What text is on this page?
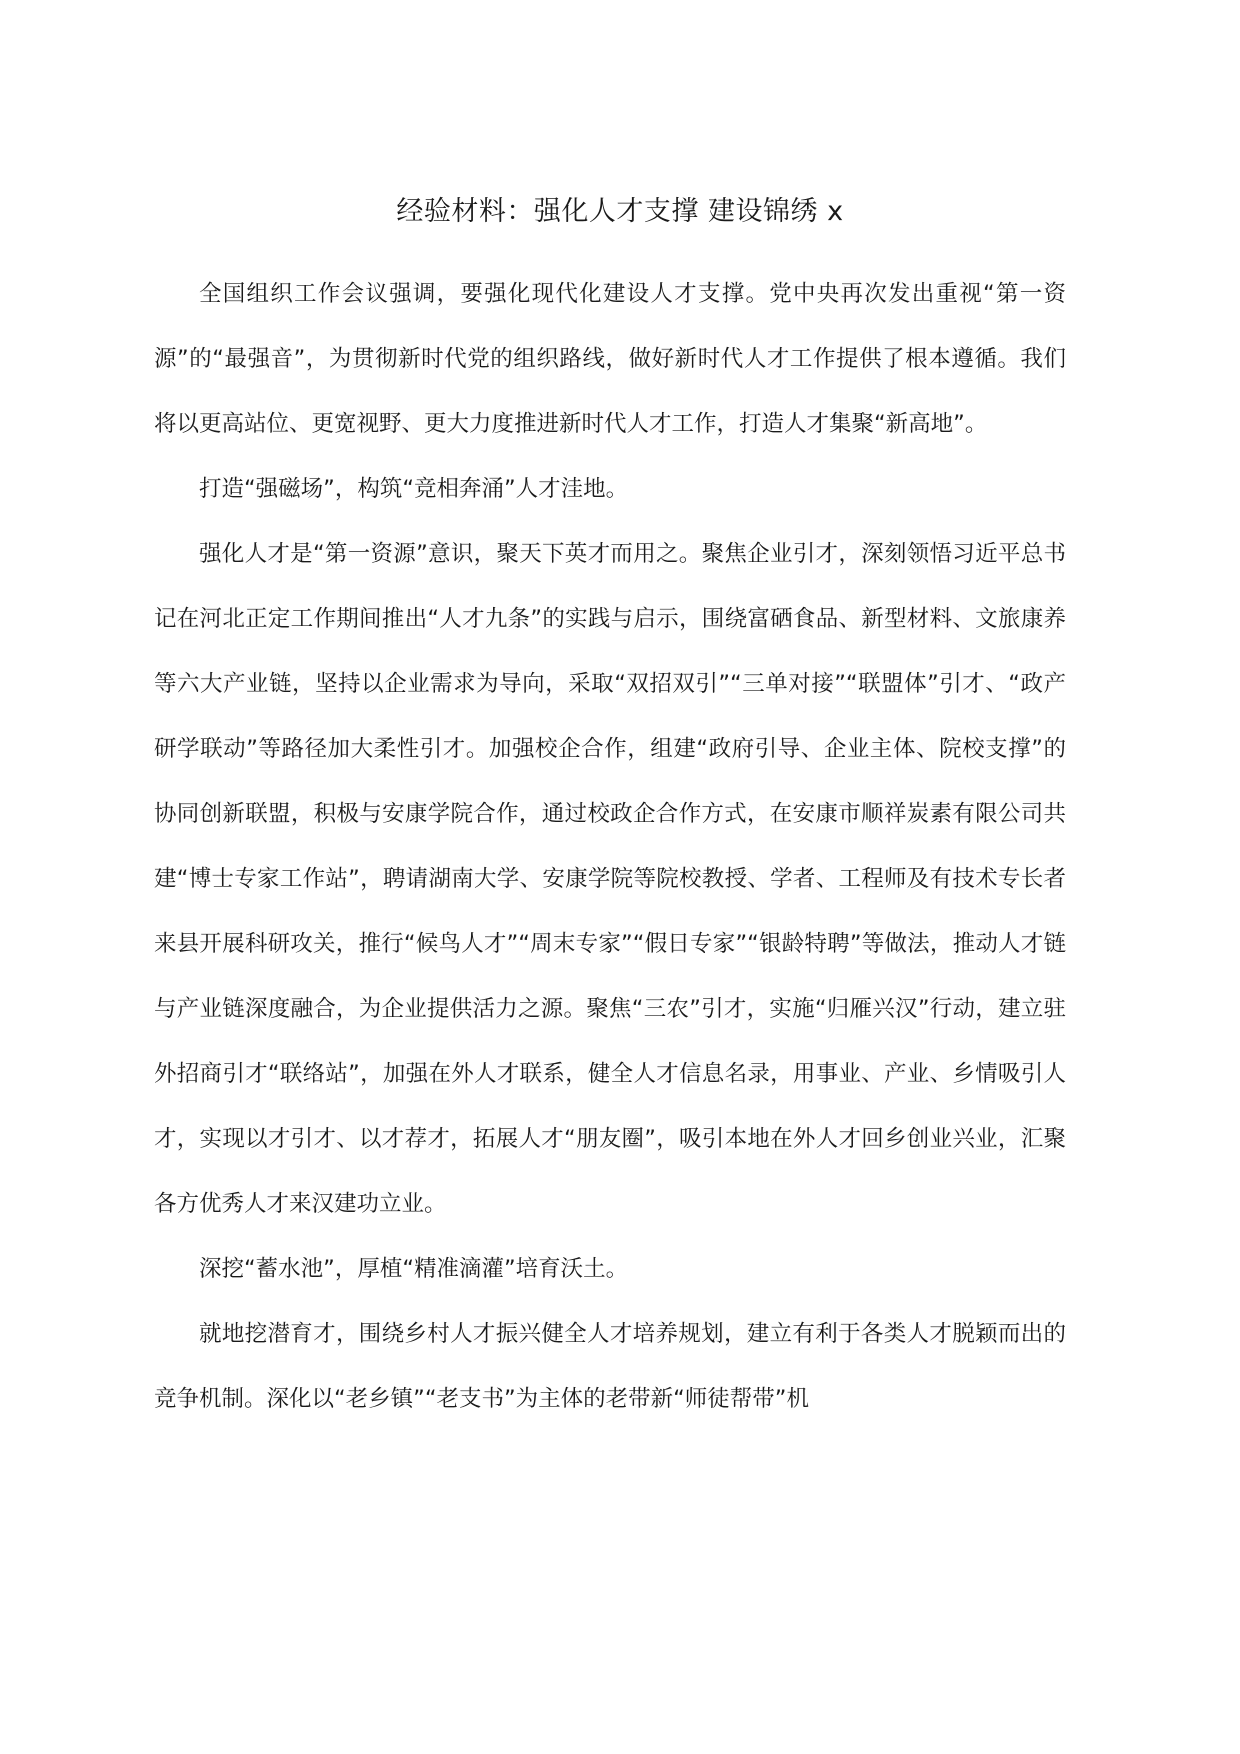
经验材料：强化人才支撑 建设锦绣 x

全国组织工作会议强调，要强化现代化建设人才支撑。党中央再次发出重视“第一资源”的“最强音”，为贯彻新时代党的组织路线，做好新时代人才工作提供了根本遵循。我们将以更高站位、更宽视野、更大力度推进新时代人才工作，打造人才集聚“新高地”。

打造“强磁场”，构筑“竞相奔涌”人才洼地。

强化人才是“第一资源”意识，聚天下英才而用之。聚焦企业引才，深刻领悟习近平总书记在河北正定工作期间推出“人才九条”的实践与启示，围绕富硒食品、新型材料、文旅康养等六大产业链，坚持以企业需求为导向，采取“双招双引”“三单对接”“联盟体”引才、“政产研学联动”等路径加大柔性引才。加强校企合作，组建“政府引导、企业主体、院校支撑”的协同创新联盟，积极与安康学院合作，通过校政企合作方式，在安康市顺祥炭素有限公司共建“博士专家工作站”，聘请湖南大学、安康学院等院校教授、学者、工程师及有技术专长者来县开展科研攻关，推行“候鸟人才”“周末专家”“假日专家”“银龄特聘”等做法，推动人才链与产业链深度融合，为企业提供活力之源。聚焦“三农”引才，实施“归雁兴汉”行动，建立驻外招商引才“联络站”，加强在外人才联系，健全人才信息名录，用事业、产业、乡情吸引人才，实现以才引才、以才荐才，拓展人才“朋友圈”，吸引本地在外人才回乡创业兴业，汇聚各方优秀人才来汉建功立业。

深挖“蓄水池”，厚植“精准滴灌”培育沃土。

就地挖潜育才，围绕乡村人才振兴健全人才培养规划，建立有利于各类人才脱颖而出的竞争机制。深化以“老乡镇”“老支书”为主体的老带新“师徒帮带”机
